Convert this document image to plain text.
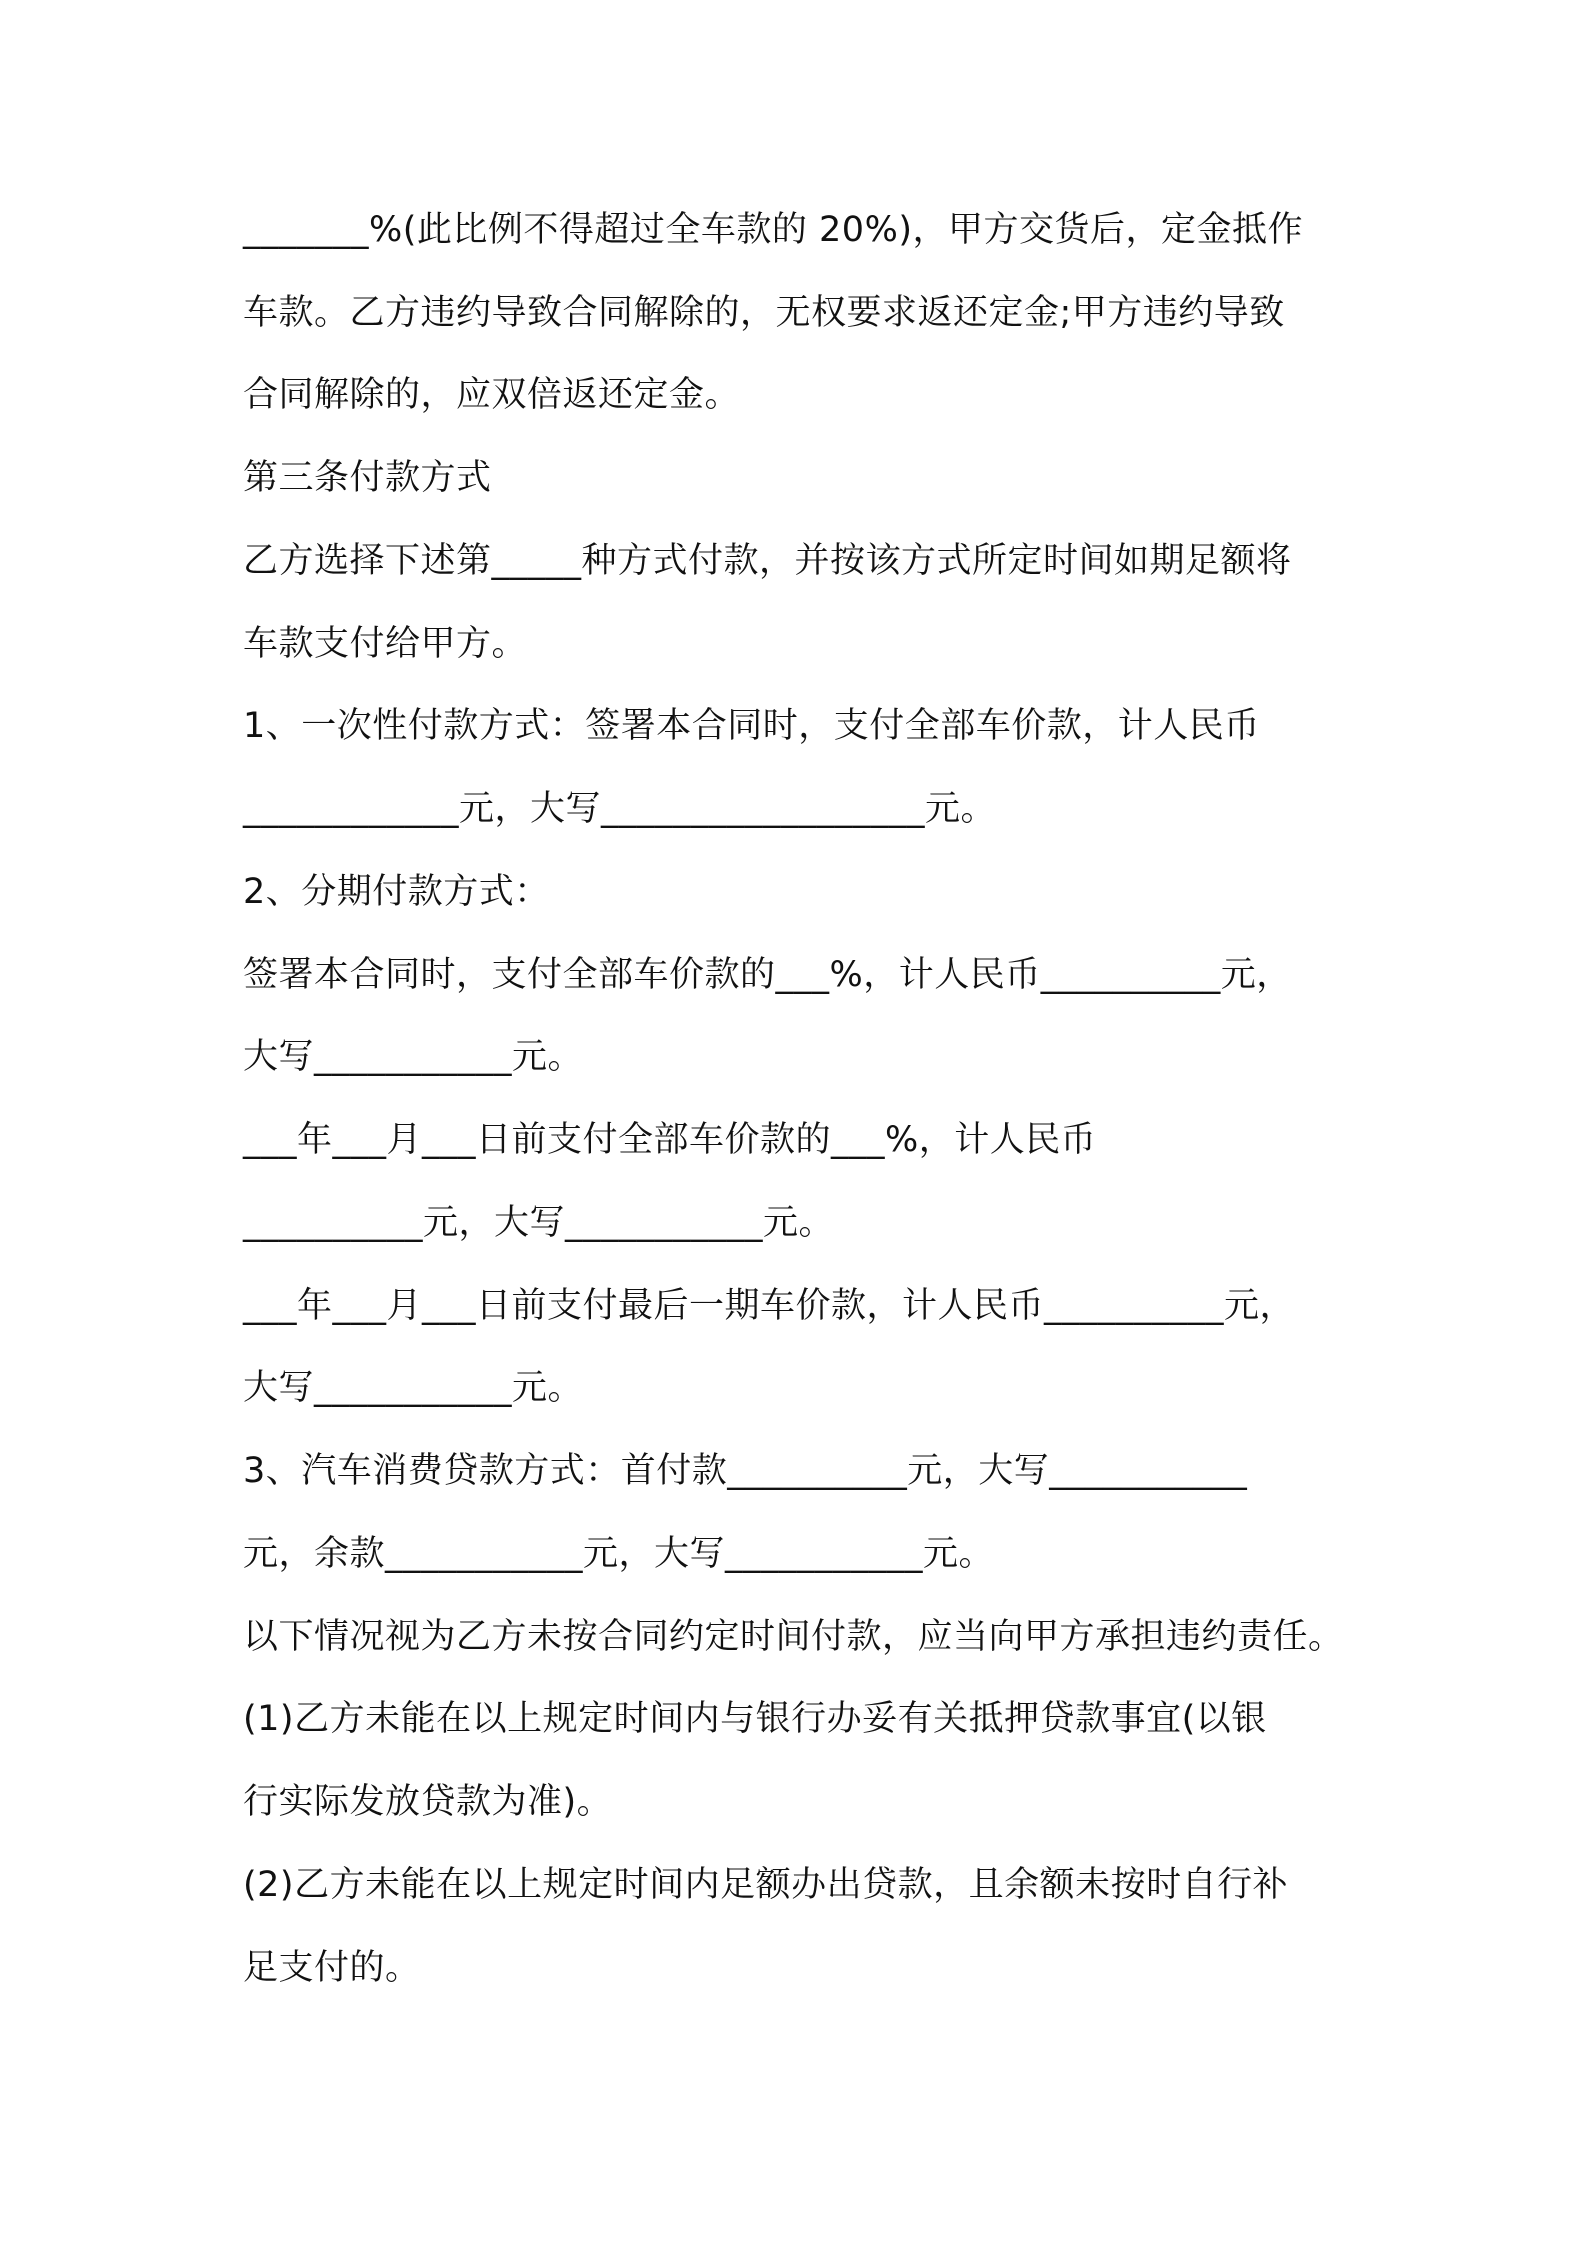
_______%(此比例不得超过全车款的 20%)，甲方交货后，定金抵作
车款。乙方违约导致合同解除的，无权要求返还定金;甲方违约导致
合同解除的，应双倍返还定金。
第三条付款方式
乙方选择下述第_____种方式付款，并按该方式所定时间如期足额将
车款支付给甲方。
1、一次性付款方式：签署本合同时，支付全部车价款，计人民币
____________元，大写__________________元。
2、分期付款方式：
签署本合同时，支付全部车价款的___%，计人民币__________元，
大写___________元。
___年___月___日前支付全部车价款的___%，计人民币
__________元，大写___________元。
___年___月___日前支付最后一期车价款，计人民币__________元，
大写___________元。
3、汽车消费贷款方式：首付款__________元，大写___________
元，余款___________元，大写___________元。
以下情况视为乙方未按合同约定时间付款，应当向甲方承担违约责任。
(1)乙方未能在以上规定时间内与银行办妥有关抵押贷款事宜(以银
行实际发放贷款为准)。
(2)乙方未能在以上规定时间内足额办出贷款，且余额未按时自行补
足支付的。
